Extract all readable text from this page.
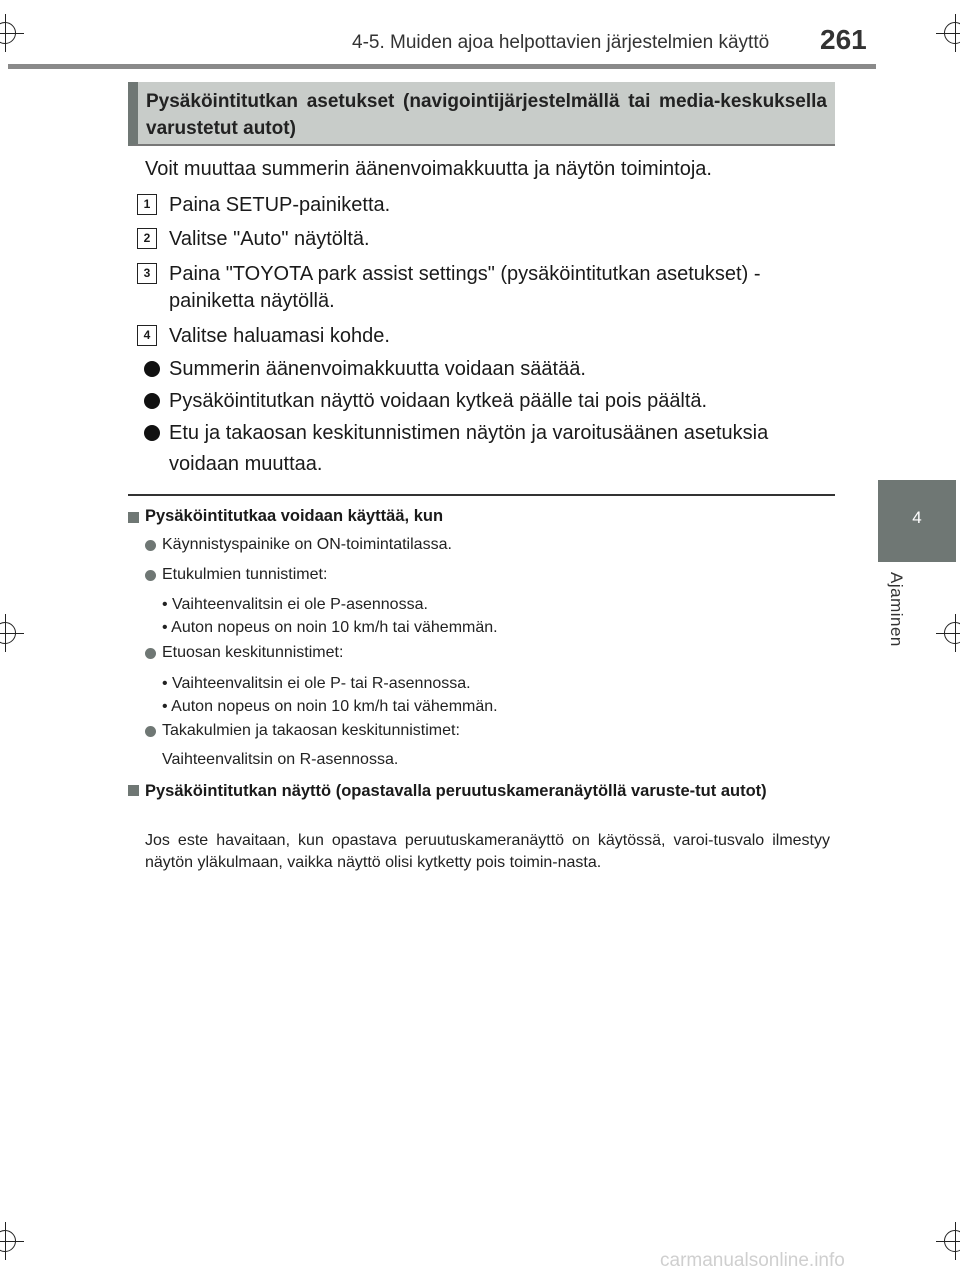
4-5. Muiden ajoa helpottavien järjestelmien käyttö 261
4
Ajaminen
Pysäköintitutkan asetukset (navigointijärjestelmällä tai media-keskuksella varustetut autot)
Voit muuttaa summerin äänenvoimakkuutta ja näytön toimintoja.
1 Paina SETUP-painiketta.
2 Valitse "Auto" näytöltä.
3 Paina "TOYOTA park assist settings" (pysäköintitutkan asetukset) -
painiketta näytöllä.
4 Valitse haluamasi kohde.
Summerin äänenvoimakkuutta voidaan säätää.
Pysäköintitutkan näyttö voidaan kytkeä päälle tai pois päältä.
Etu ja takaosan keskitunnistimen näytön ja varoitusäänen asetuksia
voidaan muuttaa.
Pysäköintitutkaa voidaan käyttää, kun
Käynnistyspainike on ON-toimintatilassa.
Etukulmien tunnistimet:
• Vaihteenvalitsin ei ole P-asennossa.
• Auton nopeus on noin 10 km/h tai vähemmän.
Etuosan keskitunnistimet:
• Vaihteenvalitsin ei ole P- tai R-asennossa.
• Auton nopeus on noin 10 km/h tai vähemmän.
Takakulmien ja takaosan keskitunnistimet:
Vaihteenvalitsin on R-asennossa.
Pysäköintitutkan näyttö (opastavalla peruutuskameranäytöllä varuste-tut autot)
Jos este havaitaan, kun opastava peruutuskameranäyttö on käytössä, varoi-tusvalo ilmestyy näytön yläkulmaan, vaikka näyttö olisi kytketty pois toimin-nasta.
carmanualsonline.info
